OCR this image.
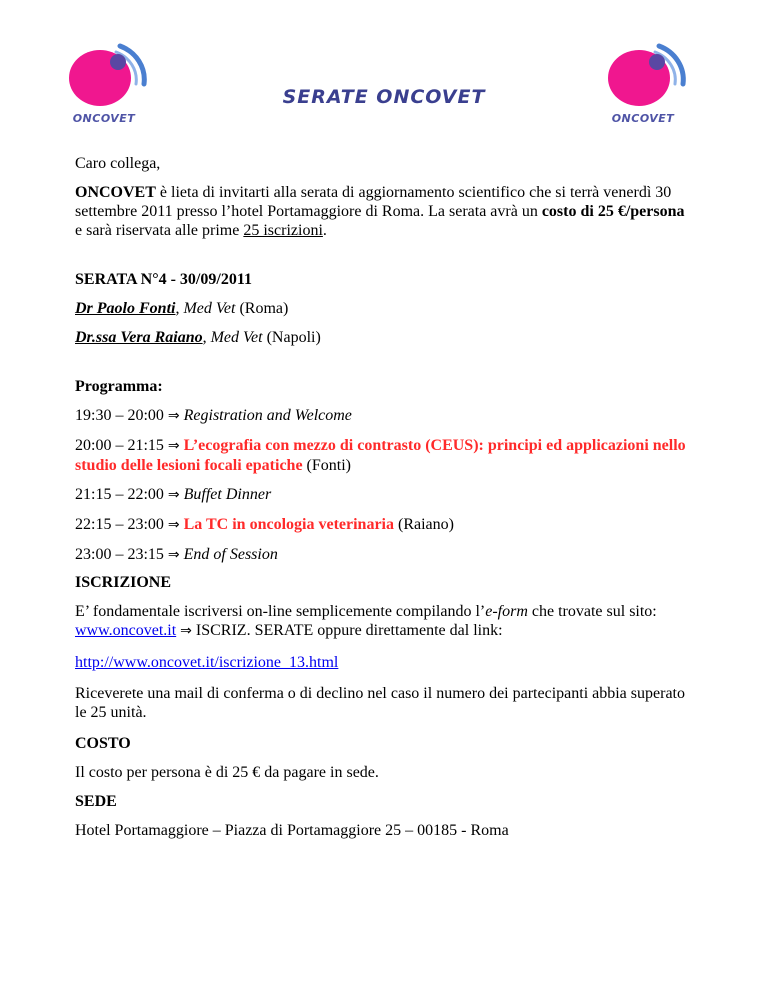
ONCOVET	ONCOVET
SERATE ONCOVET

Caro collega,

ONCOVET è lieta di invitarti alla serata di aggiornamento scientifico che si terrà venerdì 30 settembre 2011 presso l’hotel Portamaggiore di Roma. La serata avrà un costo di 25 €/persona e sarà riservata alle prime 25 iscrizioni.

SERATA N°4 - 30/09/2011

Dr Paolo Fonti, Med Vet (Roma)

Dr.ssa Vera Raiano, Med Vet (Napoli)

Programma:

19:30 – 20:00 ⇒ Registration and Welcome

20:00 – 21:15 ⇒ L’ecografia con mezzo di contrasto (CEUS): principi ed applicazioni nello studio delle lesioni focali epatiche (Fonti)

21:15 – 22:00 ⇒ Buffet Dinner

22:15 – 23:00 ⇒ La TC in oncologia veterinaria (Raiano)

23:00 – 23:15 ⇒ End of Session

ISCRIZIONE

E’ fondamentale iscriversi on-line semplicemente compilando l’e-form che trovate sul sito: www.oncovet.it ⇒ ISCRIZ. SERATE oppure direttamente dal link:

http://www.oncovet.it/iscrizione_13.html

Riceverete una mail di conferma o di declino nel caso il numero dei partecipanti abbia superato le 25 unità.

COSTO

Il costo per persona è di 25 € da pagare in sede.

SEDE

Hotel Portamaggiore – Piazza di Portamaggiore 25 – 00185 - Roma
